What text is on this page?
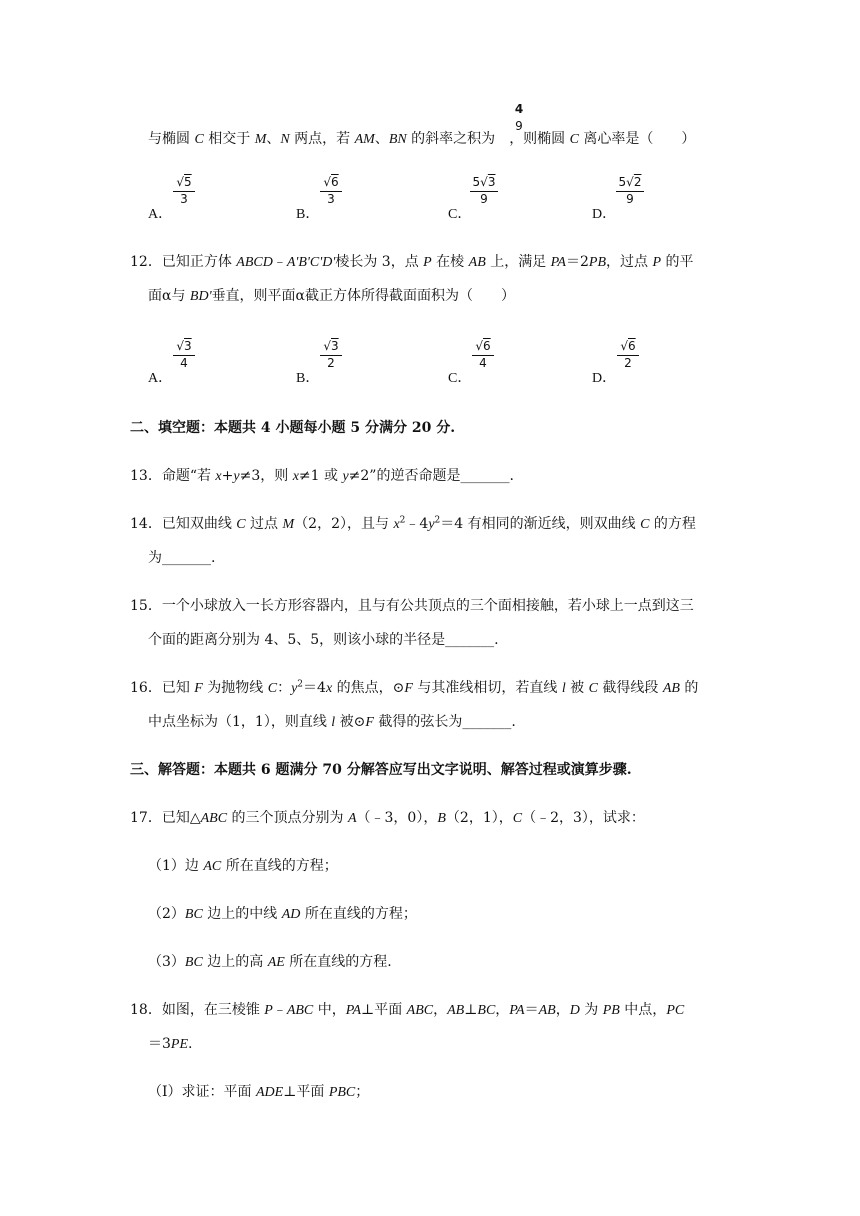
4
9
与椭圆 C 相交于 M、N 两点，若 AM、BN 的斜率之积为 ，则椭圆 C 离心率是（　　）
A．
√5
3
B．
√6
3
C．
5√3
9
D．
5√2
9
12．已知正方体 ABCD﹣A'B'C'D'棱长为 3，点 P 在棱 AB 上，满足 PA＝2PB，过点 P 的平
面α与 BD'垂直，则平面α截正方体所得截面面积为（　　）
A．
√3
4
B．
√3
2
C．
√6
4
D．
√6
2
二、填空题：本题共 4 小题每小题 5 分满分 20 分.
13．命题“若 x+y≠3，则 x≠1 或 y≠2”的逆否命题是_______.
14．已知双曲线 C 过点 M（2，2），且与 $x^2﹣4y^2=4$ 有相同的渐近线，则双曲线 C 的方程
为_______.
15．一个小球放入一长方形容器内，且与有公共顶点的三个面相接触，若小球上一点到这三
个面的距离分别为 4、5、5，则该小球的半径是_______.
16．已知 F 为抛物线 C：$y^2=4x$ 的焦点，⊙F 与其准线相切，若直线 l 被 C 截得线段 AB 的
中点坐标为（1，1），则直线 l 被⊙F 截得的弦长为_______.
三、解答题：本题共 6 题满分 70 分解答应写出文字说明、解答过程或演算步骤.
17．已知△ABC 的三个顶点分别为 A（﹣3，0），B（2，1），C（﹣2，3），试求：
（1）边 AC 所在直线的方程；
（2）BC 边上的中线 AD 所在直线的方程；
（3）BC 边上的高 AE 所在直线的方程.
18．如图，在三棱锥 P﹣ABC 中，PA⊥平面 ABC，AB⊥BC，PA＝AB，D 为 PB 中点，PC
＝3PE.
（Ⅰ）求证：平面 ADE⊥平面 PBC；
